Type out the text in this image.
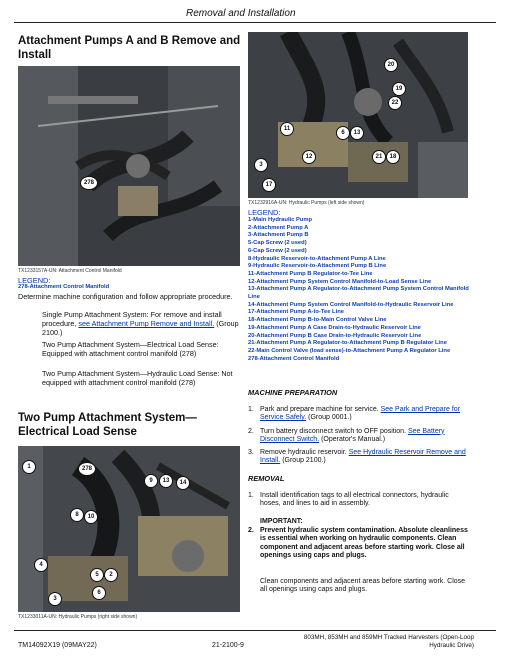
Removal and Installation
Attachment Pumps A and B Remove and Install
278
TX1233157A-UN: Attachment Control Manifold
LEGEND:
278-Attachment Control Manifold
Determine machine configuration and follow appropriate procedure.
Single Pump Attachment System: For remove and install procedure, see Attachment Pump Remove and Install. (Group 2100.)
Two Pump Attachment System—Electrical Load Sense: Equipped with attachment control manifold (278)
Two Pump Attachment System—Hydraulic Load Sense: Not equipped with attachment control manifold (278)
Two Pump Attachment System—Electrical Load Sense
1	278
9	13	14
8	10
4
5	2
6
3
TX1233011A-UN: Hydraulic Pumps (right side shown)
20
19
22
11
6	13
12	21	18
3
17
TX1232916A-UN: Hydraulic Pumps (left side shown)
LEGEND:
1-Main Hydraulic Pump
2-Attachment Pump A
3-Attachment Pump B
5-Cap Screw (2 used)
6-Cap Screw (2 used)
8-Hydraulic Reservoir-to-Attachment Pump A Line
9-Hydraulic Reservoir-to-Attachment Pump B Line
11-Attachment Pump B Regulator-to-Tee Line
12-Attachment Pump System Control Manifold-to-Load Sense Line
13-Attachment Pump A Regulator-to-Attachment Pump System Control Manifold Line
14-Attachment Pump System Control Manifold-to-Hydraulic Reservoir Line
17-Attachment Pump A-to-Tee Line
18-Attachment Pump B-to-Main Control Valve Line
19-Attachment Pump A Case Drain-to-Hydraulic Reservoir Line
20-Attachment Pump B Case Drain-to-Hydraulic Reservoir Line
21-Attachment Pump A Regulator-to-Attachment Pump B Regulator Line
22-Main Control Valve (load sense)-to-Attachment Pump A Regulator Line
278-Attachment Control Manifold
MACHINE PREPARATION
1. Park and prepare machine for service. See Park and Prepare for Service Safely. (Group 0001.)
2. Turn battery disconnect switch to OFF position. See Battery Disconnect Switch. (Operator's Manual.)
3. Remove hydraulic reservoir. See Hydraulic Reservoir Remove and Install. (Group 2100.)
REMOVAL
1. Install identification tags to all electrical connectors, hydraulic hoses, and lines to aid in assembly.
IMPORTANT:
2. Prevent hydraulic system contamination. Absolute cleanliness is essential when working on hydraulic components. Clean component and adjacent areas before starting work. Close all openings using caps and plugs.
Clean components and adjacent areas before starting work. Close all openings using caps and plugs.
TM14092X19 (09MAY22)	21-2100-9
803MH, 853MH and 859MH Tracked Harvesters (Open-Loop Hydraulic Drive)
